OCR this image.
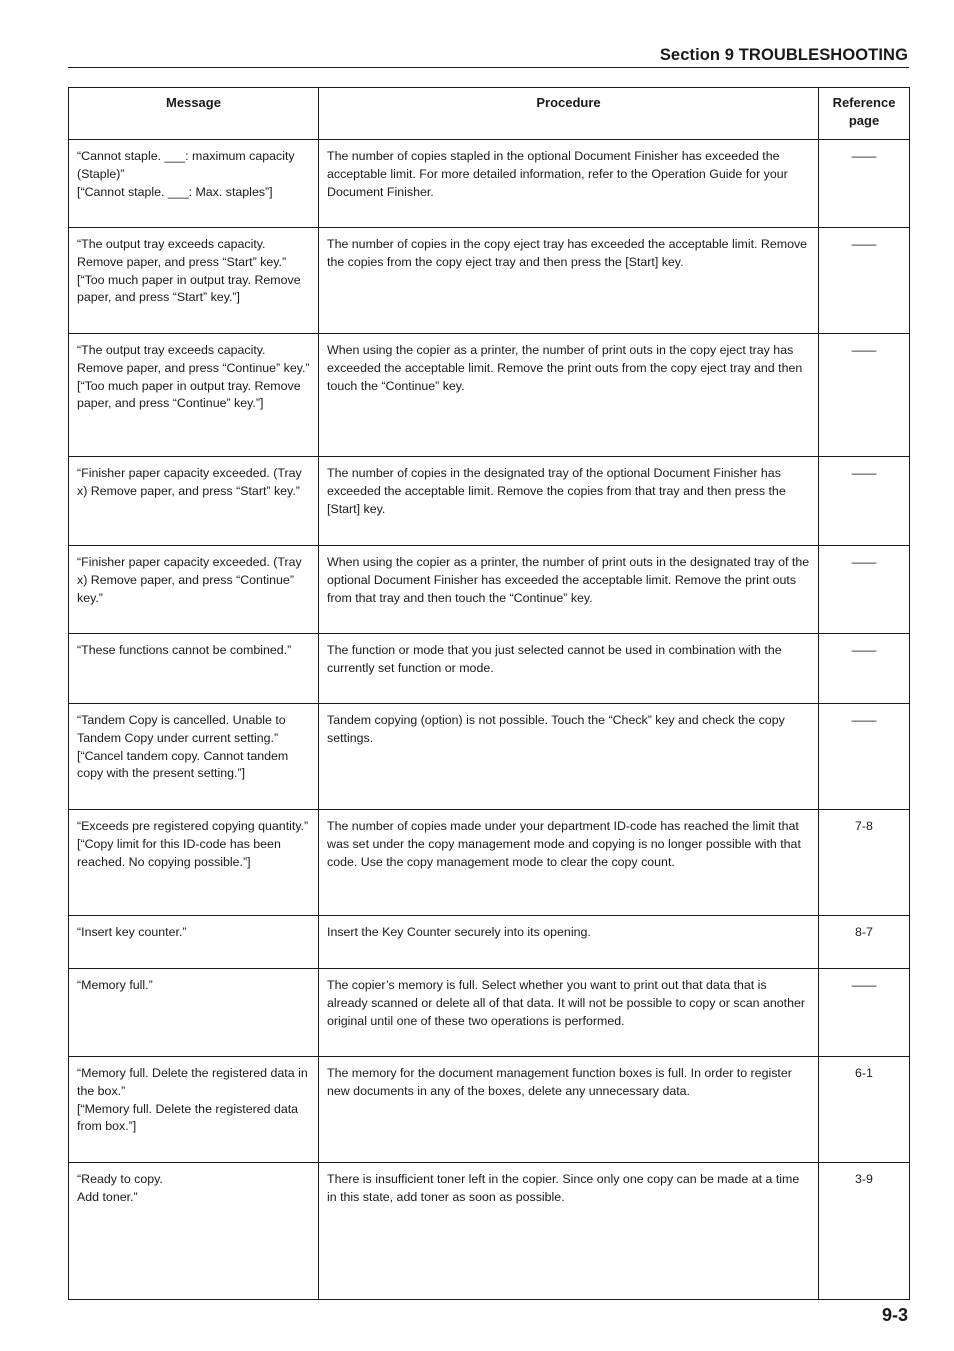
Section 9 TROUBLESHOOTING
Message	Procedure	Reference page
“Cannot staple. ___: maximum capacity (Staple)”
[“Cannot staple. ___: Max. staples”]	The number of copies stapled in the optional Document Finisher has exceeded the acceptable limit. For more detailed information, refer to the Operation Guide for your Document Finisher.	——
“The output tray exceeds capacity. Remove paper, and press “Start” key.”
[“Too much paper in output tray. Remove paper, and press “Start” key.”]	The number of copies in the copy eject tray has exceeded the acceptable limit. Remove the copies from the copy eject tray and then press the [Start] key.	——
“The output tray exceeds capacity. Remove paper, and press “Continue” key.”
[“Too much paper in output tray. Remove paper, and press “Continue” key.”]	When using the copier as a printer, the number of print outs in the copy eject tray has exceeded the acceptable limit. Remove the print outs from the copy eject tray and then touch the “Continue” key.	——
“Finisher paper capacity exceeded. (Tray x) Remove paper, and press “Start” key.”	The number of copies in the designated tray of the optional Document Finisher has exceeded the acceptable limit. Remove the copies from that tray and then press the [Start] key.	——
“Finisher paper capacity exceeded. (Tray x) Remove paper, and press “Continue” key.”	When using the copier as a printer, the number of print outs in the designated tray of the optional Document Finisher has exceeded the acceptable limit. Remove the print outs from that tray and then touch the “Continue” key.	——
“These functions cannot be combined.”	The function or mode that you just selected cannot be used in combination with the currently set function or mode.	——
“Tandem Copy is cancelled. Unable to Tandem Copy under current setting.”
[“Cancel tandem copy. Cannot tandem copy with the present setting.”]	Tandem copying (option) is not possible. Touch the “Check” key and check the copy settings.	——
“Exceeds pre registered copying quantity.”
[“Copy limit for this ID-code has been reached. No copying possible.”]	The number of copies made under your department ID-code has reached the limit that was set under the copy management mode and copying is no longer possible with that code. Use the copy management mode to clear the copy count.	7-8
“Insert key counter.”	Insert the Key Counter securely into its opening.	8-7
“Memory full.”	The copier’s memory is full. Select whether you want to print out that data that is already scanned or delete all of that data. It will not be possible to copy or scan another original until one of these two operations is performed.	——
“Memory full. Delete the registered data in the box.”
[“Memory full. Delete the registered data from box.”]	The memory for the document management function boxes is full. In order to register new documents in any of the boxes, delete any unnecessary data.	6-1
“Ready to copy.
Add toner.”	There is insufficient toner left in the copier. Since only one copy can be made at a time in this state, add toner as soon as possible.	3-9
9-3
